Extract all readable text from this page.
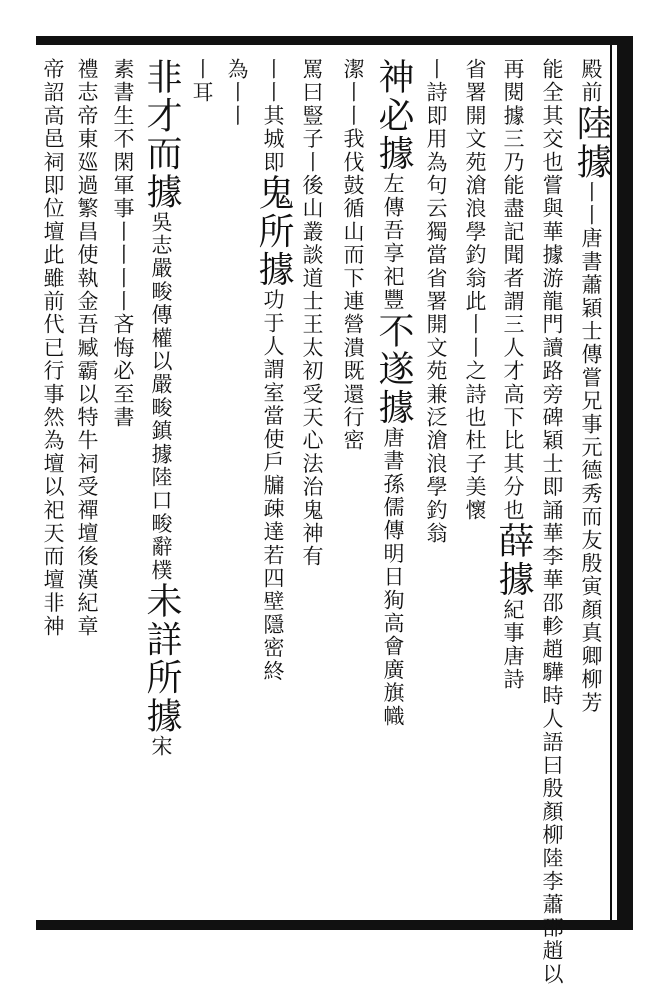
殿前陸據丨丨唐書蕭穎士傳嘗兄事元德秀而友殷寅顏真卿柳芳
能全其交也嘗與華據游龍門讀路旁碑穎士即誦華李華邵軫趙驊時人語曰殷顏柳陸李蕭邵趙以
再閱據三乃能盡記聞者謂三人才高下比其分也薛據紀事唐詩
省署開文苑滄浪學釣翁此丨丨之詩也杜子美懷
丨詩即用為句云獨當省署開文苑兼泛滄浪學釣翁
神必據左傳吾享祀豐不遂據唐書孫儒傳明日狥高會廣旗幟
潔丨丨我伐鼓循山而下連營潰既還行密
罵曰豎子丨後山叢談道士王太初受天心法治鬼神有
丨丨其城即鬼所據功于人謂室當使戶牖疎達若四壁隱密終
為丨丨
丨耳
非才而據吳志嚴畯傳權以嚴畯鎮據陸口畯辭樸未詳所據宋
素書生不閑軍事丨丨丨丨吝悔必至書
禮志帝東廵過繁昌使執金吾臧霸以特牛祠受禪壇後漢紀章
帝詔高邑祠即位壇此雖前代已行事然為壇以祀天而壇非神
